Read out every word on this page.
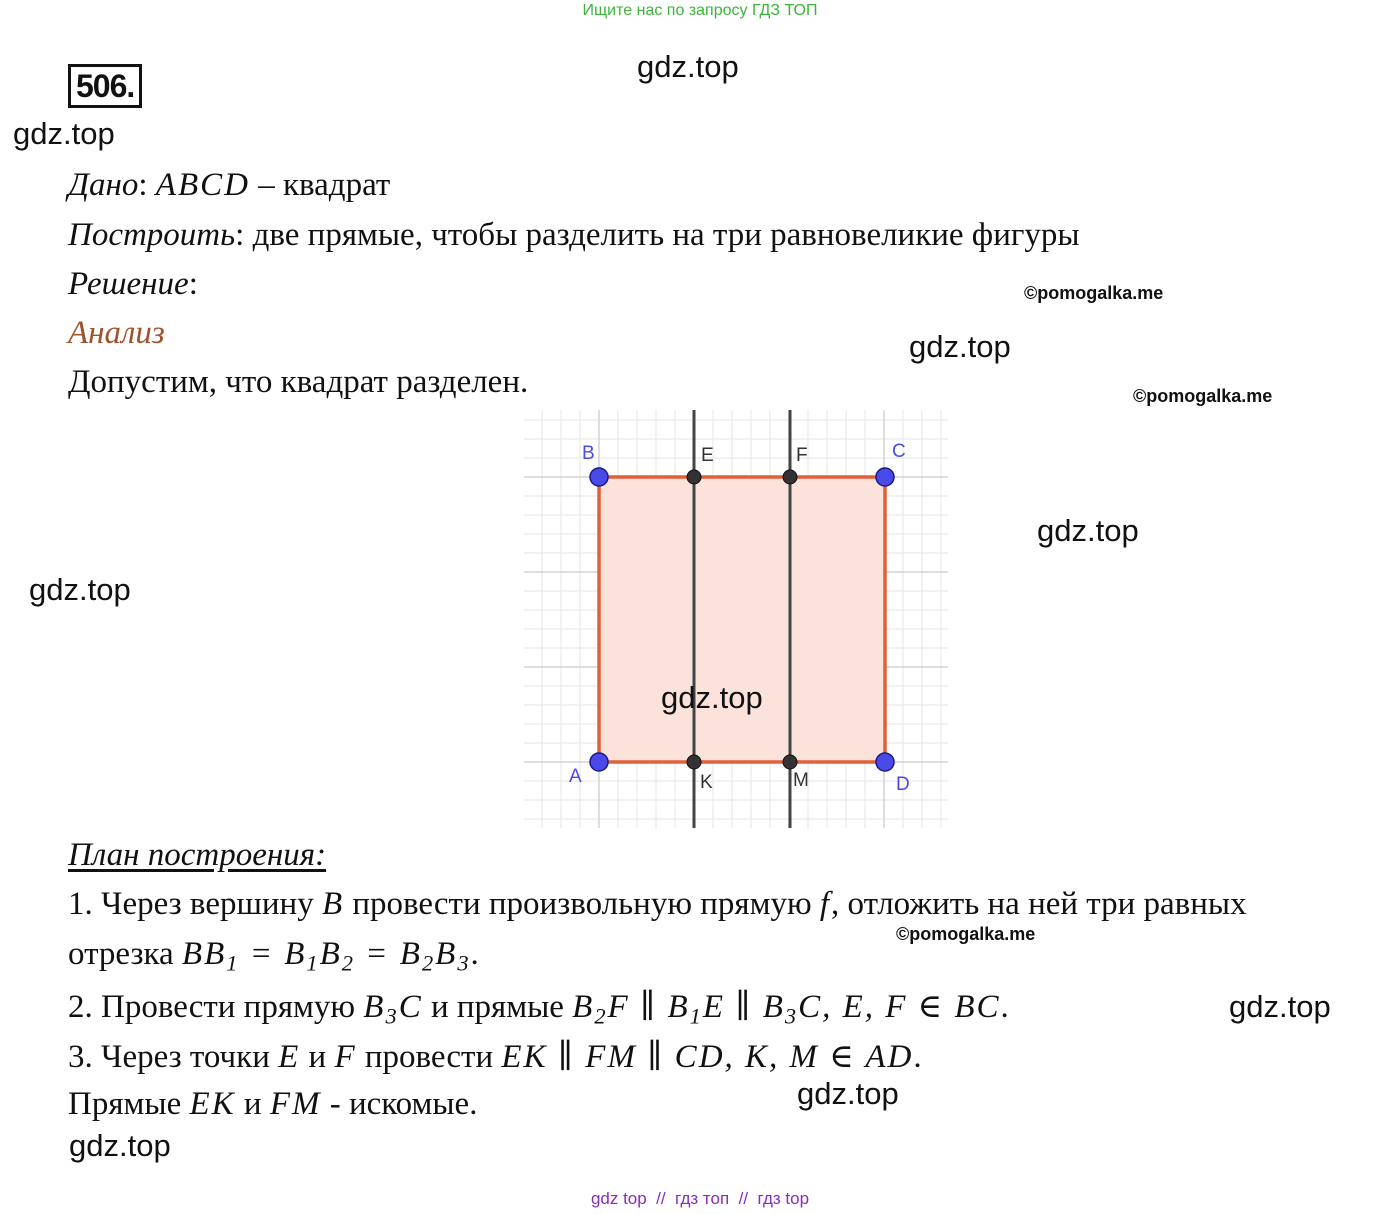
Ищите нас по запросу ГДЗ ТОП
506.
gdz.top
gdz.top
gdz.top
gdz.top
gdz.top
gdz.top
gdz.top
gdz.top
©pomogalka.me
©pomogalka.me
Дано: ABCD – квадрат
Построить: две прямые, чтобы разделить на три равновеликие фигуры
Решение:
Анализ
Допустим, что квадрат разделен.
B	C
A	D
E	F
K	M
gdz.top
План построения:
1. Через вершину B провести произвольную прямую f, отложить на ней три равных
отрезка $BB_1 = B_1B_2 = B_2B_3$.
©pomogalka.me
2. Провести прямую $B_3C$ и прямые $B_2F$ ∥ $B_1E$ ∥ $B_3C$, E, F ∈ BC.
3. Через точки E и F провести EK ∥ FM ∥ CD, K, M ∈ AD.
Прямые EK и FM - искомые.
gdz top  //  гдз топ  //  гдз top
